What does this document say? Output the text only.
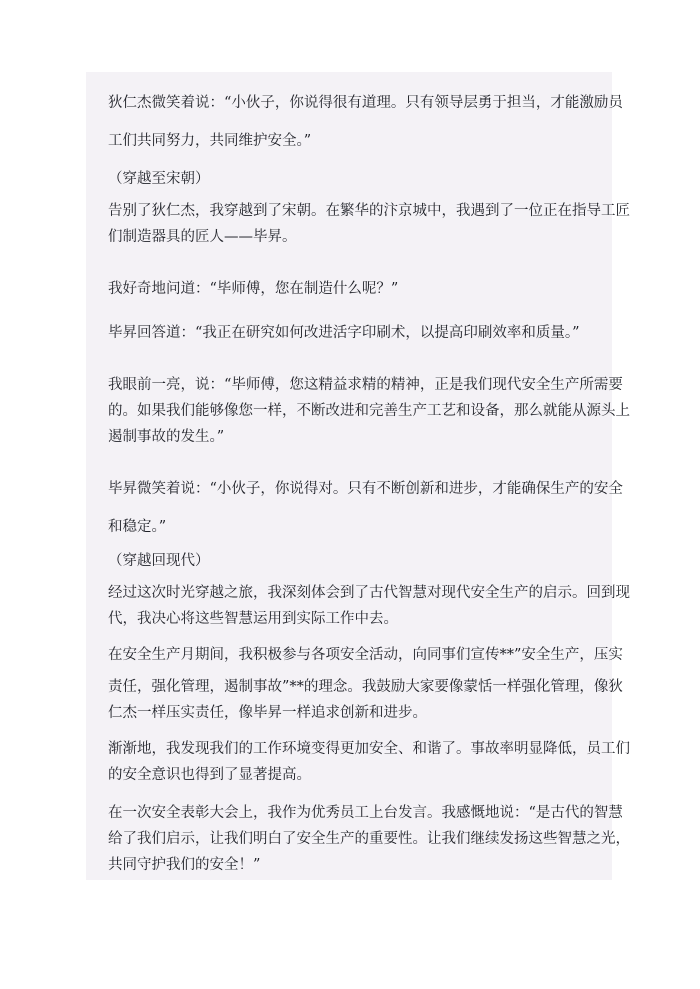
狄仁杰微笑着说：“小伙子，你说得很有道理。只有领导层勇于担当，才能激励员
工们共同努力，共同维护安全。”

（穿越至宋朝）

告别了狄仁杰，我穿越到了宋朝。在繁华的汴京城中，我遇到了一位正在指导工匠
们制造器具的匠人——毕昇。

我好奇地问道：“毕师傅，您在制造什么呢？”

毕昇回答道：“我正在研究如何改进活字印刷术，以提高印刷效率和质量。”

我眼前一亮，说：“毕师傅，您这精益求精的精神，正是我们现代安全生产所需要
的。如果我们能够像您一样，不断改进和完善生产工艺和设备，那么就能从源头上
遏制事故的发生。”

毕昇微笑着说：“小伙子，你说得对。只有不断创新和进步，才能确保生产的安全
和稳定。”

（穿越回现代）

经过这次时光穿越之旅，我深刻体会到了古代智慧对现代安全生产的启示。回到现
代，我决心将这些智慧运用到实际工作中去。

在安全生产月期间，我积极参与各项安全活动，向同事们宣传**”安全生产，压实
责任，强化管理，遏制事故”**的理念。我鼓励大家要像蒙恬一样强化管理，像狄
仁杰一样压实责任，像毕昇一样追求创新和进步。

渐渐地，我发现我们的工作环境变得更加安全、和谐了。事故率明显降低，员工们
的安全意识也得到了显著提高。

在一次安全表彰大会上，我作为优秀员工上台发言。我感慨地说：“是古代的智慧
给了我们启示，让我们明白了安全生产的重要性。让我们继续发扬这些智慧之光，
共同守护我们的安全！”
